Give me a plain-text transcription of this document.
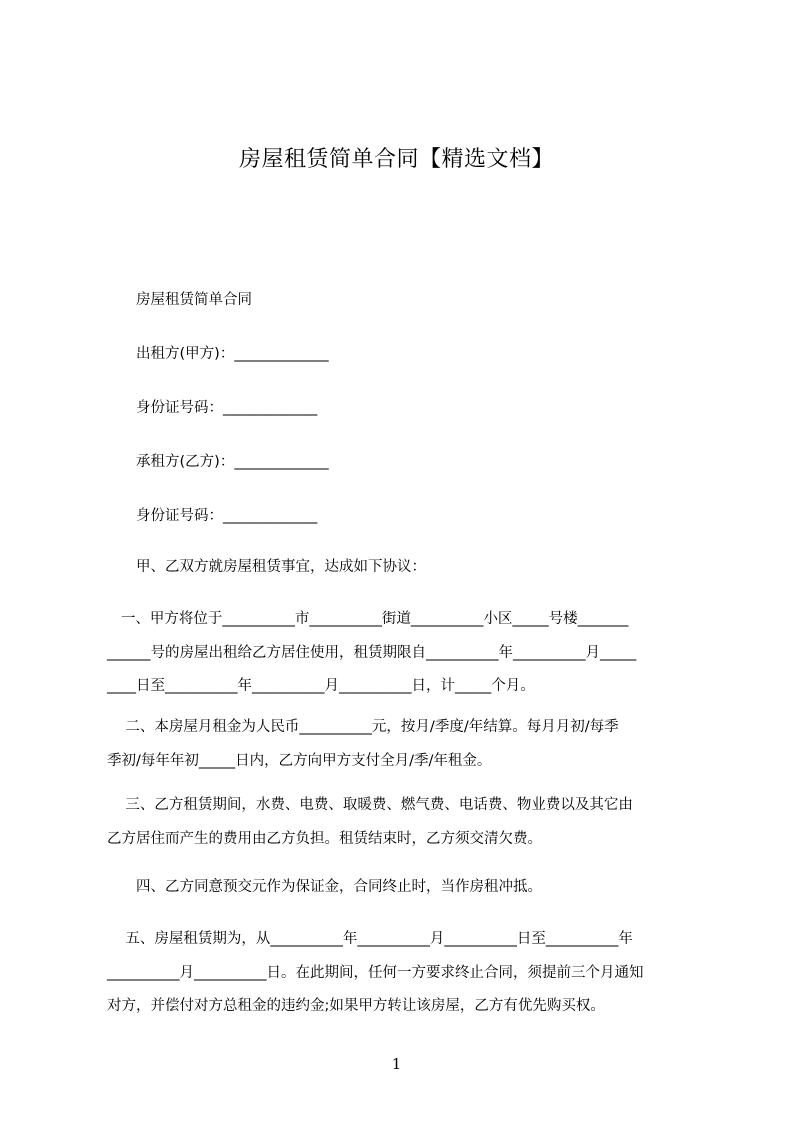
房屋租赁简单合同【精选文档】
房屋租赁简单合同
出租方(甲方)：_____________
身份证号码：_____________
承租方(乙方)：_____________
身份证号码：_____________
甲、乙双方就房屋租赁事宜，达成如下协议：
一、甲方将位于__________市__________街道__________小区_____号楼_______
______号的房屋出租给乙方居住使用，租赁期限自__________年__________月_____
____日至__________年__________月__________日，计_____个月。
二、本房屋月租金为人民币__________元，按月/季度/年结算。每月月初/每季
季初/每年年初_____日内，乙方向甲方支付全月/季/年租金。
三、乙方租赁期间，水费、电费、取暖费、燃气费、电话费、物业费以及其它由
乙方居住而产生的费用由乙方负担。租赁结束时，乙方须交清欠费。
四、乙方同意预交元作为保证金，合同终止时，当作房租冲抵。
五、房屋租赁期为，从__________年__________月__________日至__________年
__________月__________日。在此期间，任何一方要求终止合同，须提前三个月通知
对方，并偿付对方总租金的违约金;如果甲方转让该房屋，乙方有优先购买权。
1
